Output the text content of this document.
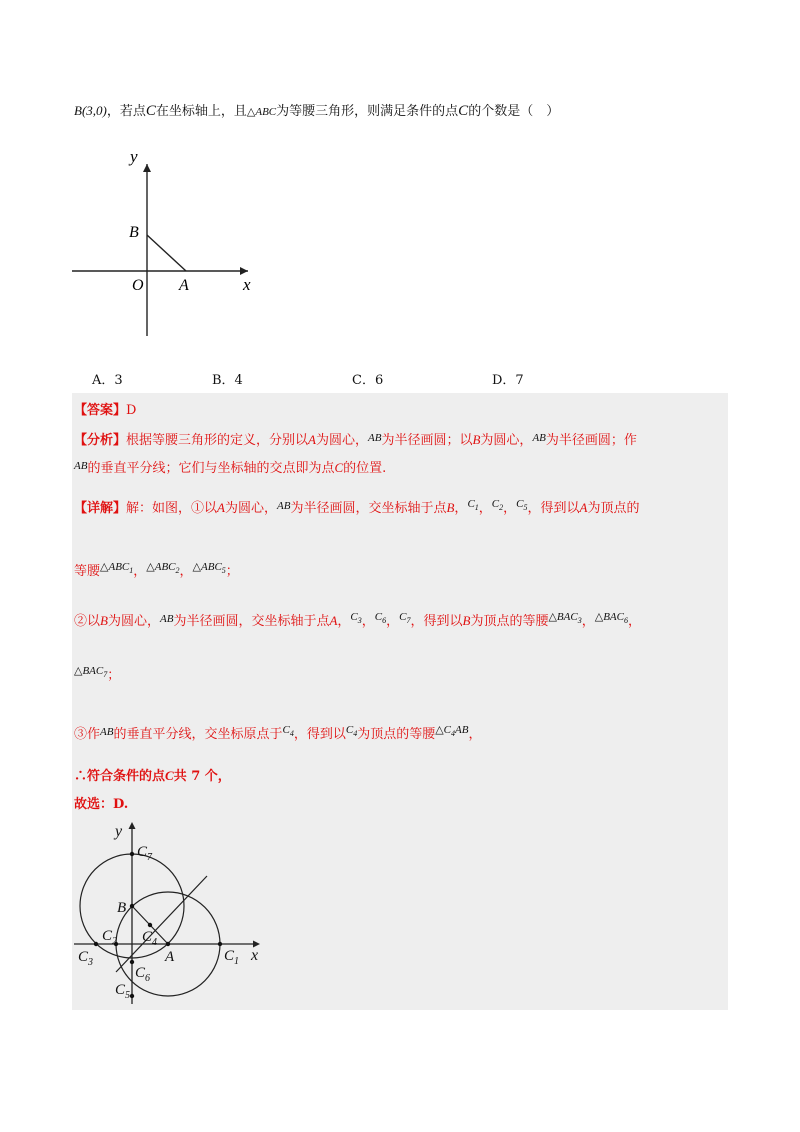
B(3,0)，若点C在坐标轴上，且△ABC为等腰三角形，则满足条件的点C的个数是（　）
y
x
O A
B
A．3	B．4	C．6	D．7
【答案】D
【分析】根据等腰三角形的定义，分别以A为圆心，$^{AB}$为半径画圆；以B为圆心，$^{AB}$为半径画圆；作
$^{AB}$的垂直平分线；它们与坐标轴的交点即为点C的位置.
【详解】解：如图，①以A为圆心，$^{AB}$为半径画圆，交坐标轴于点B，$^{C_1}$，$^{C_2}$，$^{C_5}$，得到以A为顶点的
等腰$^{\triangle ABC_1}$，$^{\triangle ABC_2}$，$^{\triangle ABC_5}$；
②以B为圆心，$^{AB}$为半径画圆，交坐标轴于点A，$^{C_3}$，$^{C_6}$，$^{C_7}$，得到以B为顶点的等腰$^{\triangle BAC_3}$，$^{\triangle BAC_6}$，
$^{\triangle BAC_7}$；
③作$^{AB}$的垂直平分线，交坐标原点于$^{C_4}$，得到以$^{C_4}$为顶点的等腰$^{\triangle C_4AB}$，
∴符合条件的点C共 7 个，
故选：D.
y
x
B
A
$C_7$
$C_1$
$C_2$
$C_3$
$C_4$
$C_6$
$C_5$
